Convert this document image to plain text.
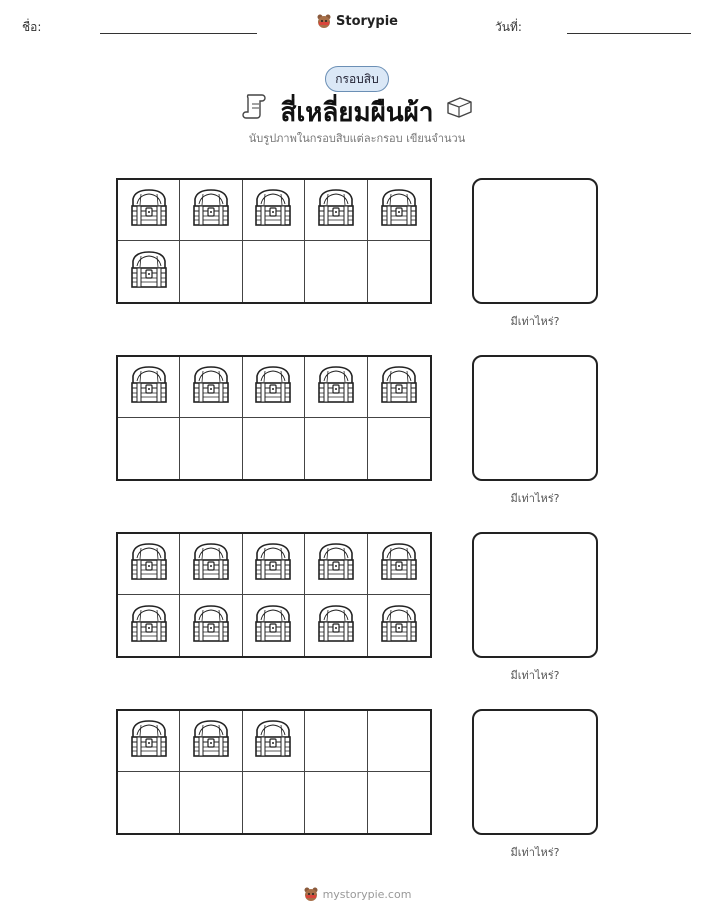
ชื่อ:	Storypie	วันที่:
กรอบสิบ
สี่เหลี่ยมผืนผ้า
นับรูปภาพในกรอบสิบแต่ละกรอบ เขียนจำนวน
มีเท่าไหร่?
มีเท่าไหร่?
มีเท่าไหร่?
มีเท่าไหร่?
mystorypie.com
